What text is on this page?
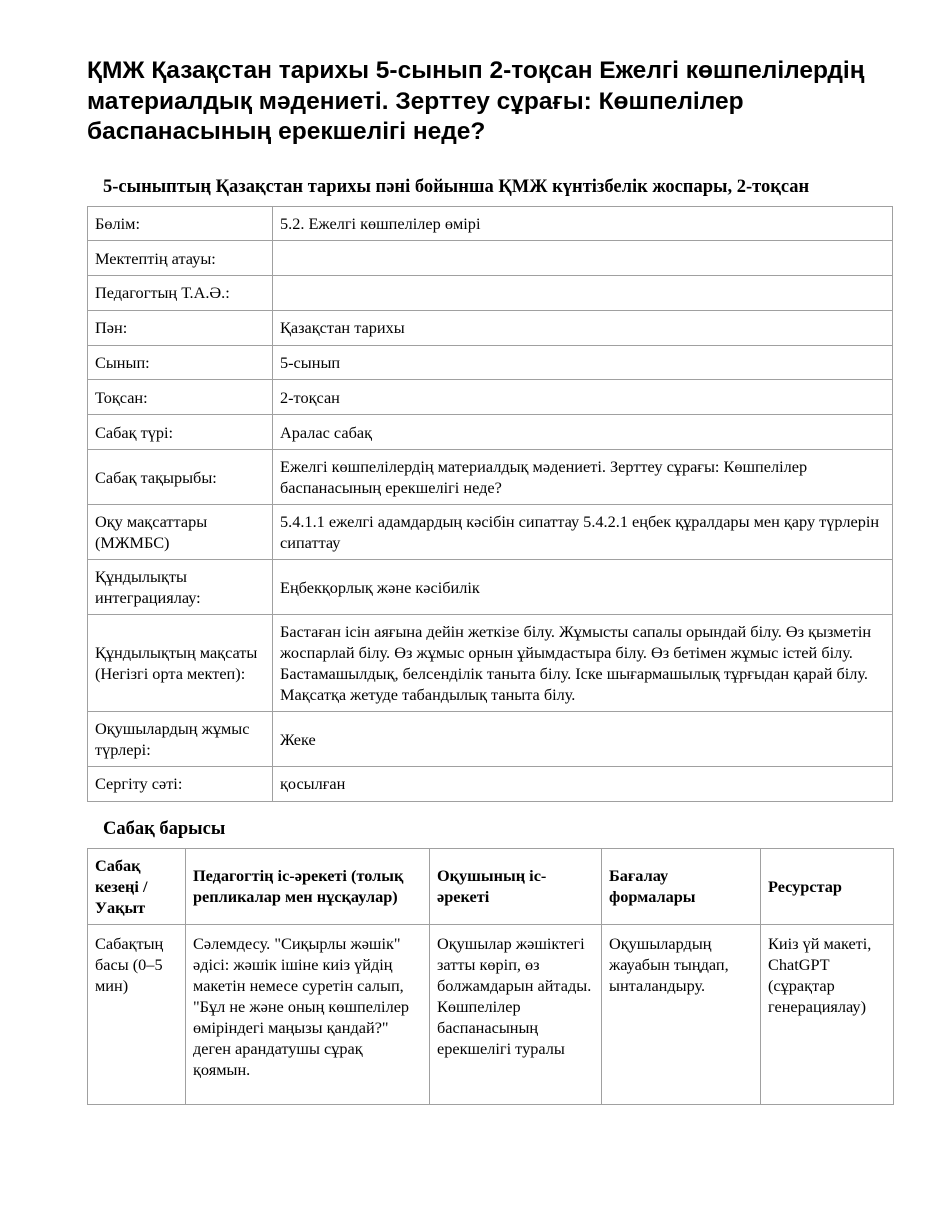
ҚМЖ Қазақстан тарихы 5-сынып 2-тоқсан Ежелгі көшпелілердің материалдық мәдениеті. Зерттеу сұрағы: Көшпелілер баспанасының ерекшелігі неде?
5-сыныптың Қазақстан тарихы пәні бойынша ҚМЖ күнтізбелік жоспары, 2-тоқсан
Бөлім:	5.2. Ежелгі көшпелілер өмірі
Мектептің атауы:	
Педагогтың Т.А.Ә.:	
Пән:	Қазақстан тарихы
Сынып:	5-сынып
Тоқсан:	2-тоқсан
Сабақ түрі:	Аралас сабақ
Сабақ тақырыбы:	Ежелгі көшпелілердің материалдық мәдениеті. Зерттеу сұрағы: Көшпелілер баспанасының ерекшелігі неде?
Оқу мақсаттары (МЖМБС)	5.4.1.1 ежелгі адамдардың кәсібін сипаттау 5.4.2.1 еңбек құралдары мен қару түрлерін сипаттау
Құндылықты интеграциялау:	Еңбекқорлық және кәсібилік
Құндылықтың мақсаты (Негізгі орта мектеп):	Бастаған ісін аяғына дейін жеткізе білу. Жұмысты сапалы орындай білу. Өз қызметін жоспарлай білу. Өз жұмыс орнын ұйымдастыра білу. Өз бетімен жұмыс істей білу. Бастамашылдық, белсенділік таныта білу. Іске шығармашылық тұрғыдан қарай білу. Мақсатқа жетуде табандылық таныта білу.
Оқушылардың жұмыс түрлері:	Жеке
Сергіту сәті:	қосылған
Сабақ барысы
Сабақ кезеңі / Уақыт	Педагогтің іс-әрекеті (толық репликалар мен нұсқаулар)	Оқушының іс-әрекеті	Бағалау формалары	Ресурстар

Сабақтың басы (0–5 мин)	Сәлемдесу. "Сиқырлы жәшік" әдісі: жәшік ішіне киіз үйдің макетін немесе суретін салып, "Бұл не және оның көшпелілер өміріндегі маңызы қандай?" деген арандатушы сұрақ қоямын.	Оқушылар жәшіктегі затты көріп, өз болжамдарын айтады. Көшпелілер баспанасының ерекшелігі туралы	Оқушылардың жауабын тыңдап, ынталандыру.	Киіз үй макеті, ChatGPT (сұрақтар генерациялау)
